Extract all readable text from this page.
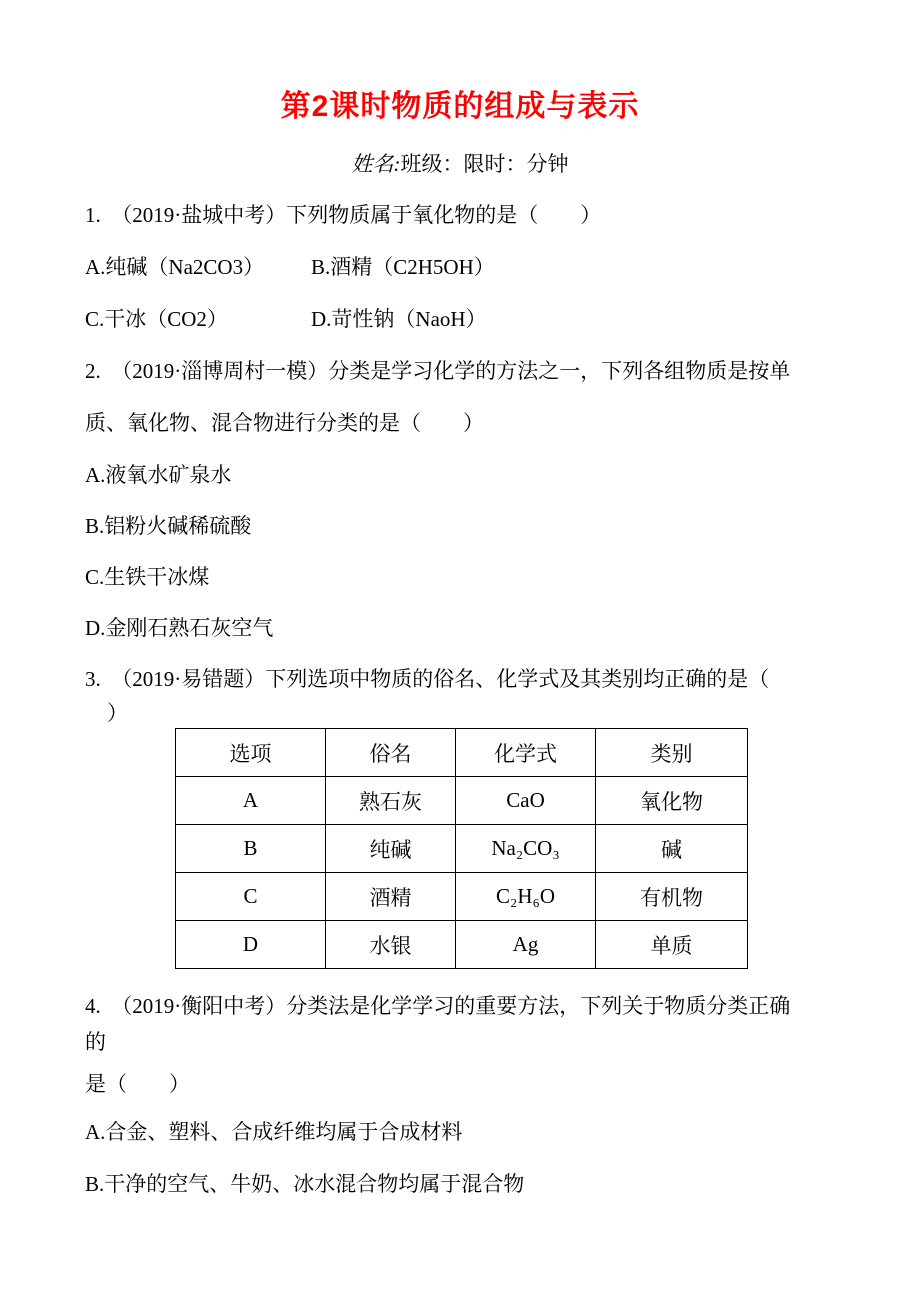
第2课时物质的组成与表示

姓名:班级：限时：分钟

1.　（2019·盐城中考）下列物质属于氧化物的是（　　）

A.纯碱（Na2CO3） B.酒精（C2H5OH）

C.干冰（CO2）	D.苛性钠（NaoH）

2.　（2019·淄博周村一模）分类是学习化学的方法之一，下列各组物质是按单

质、氧化物、混合物进行分类的是（　　）

A.液氧水矿泉水

B.铝粉火碱稀硫酸

C.生铁干冰煤

D.金刚石熟石灰空气

3.　（2019·易错题）下列选项中物质的俗名、化学式及其类别均正确的是（

）

选项	俗名	化学式	类别
A	熟石灰	CaO	氧化物
B	纯碱	Na₂CO₃	碱
C	酒精	C₂H₆O	有机物
D	水银	Ag	单质

4.　（2019·衡阳中考）分类法是化学学习的重要方法，下列关于物质分类正确

的

是（　　）

A.合金、塑料、合成纤维均属于合成材料

B.干净的空气、牛奶、冰水混合物均属于混合物
